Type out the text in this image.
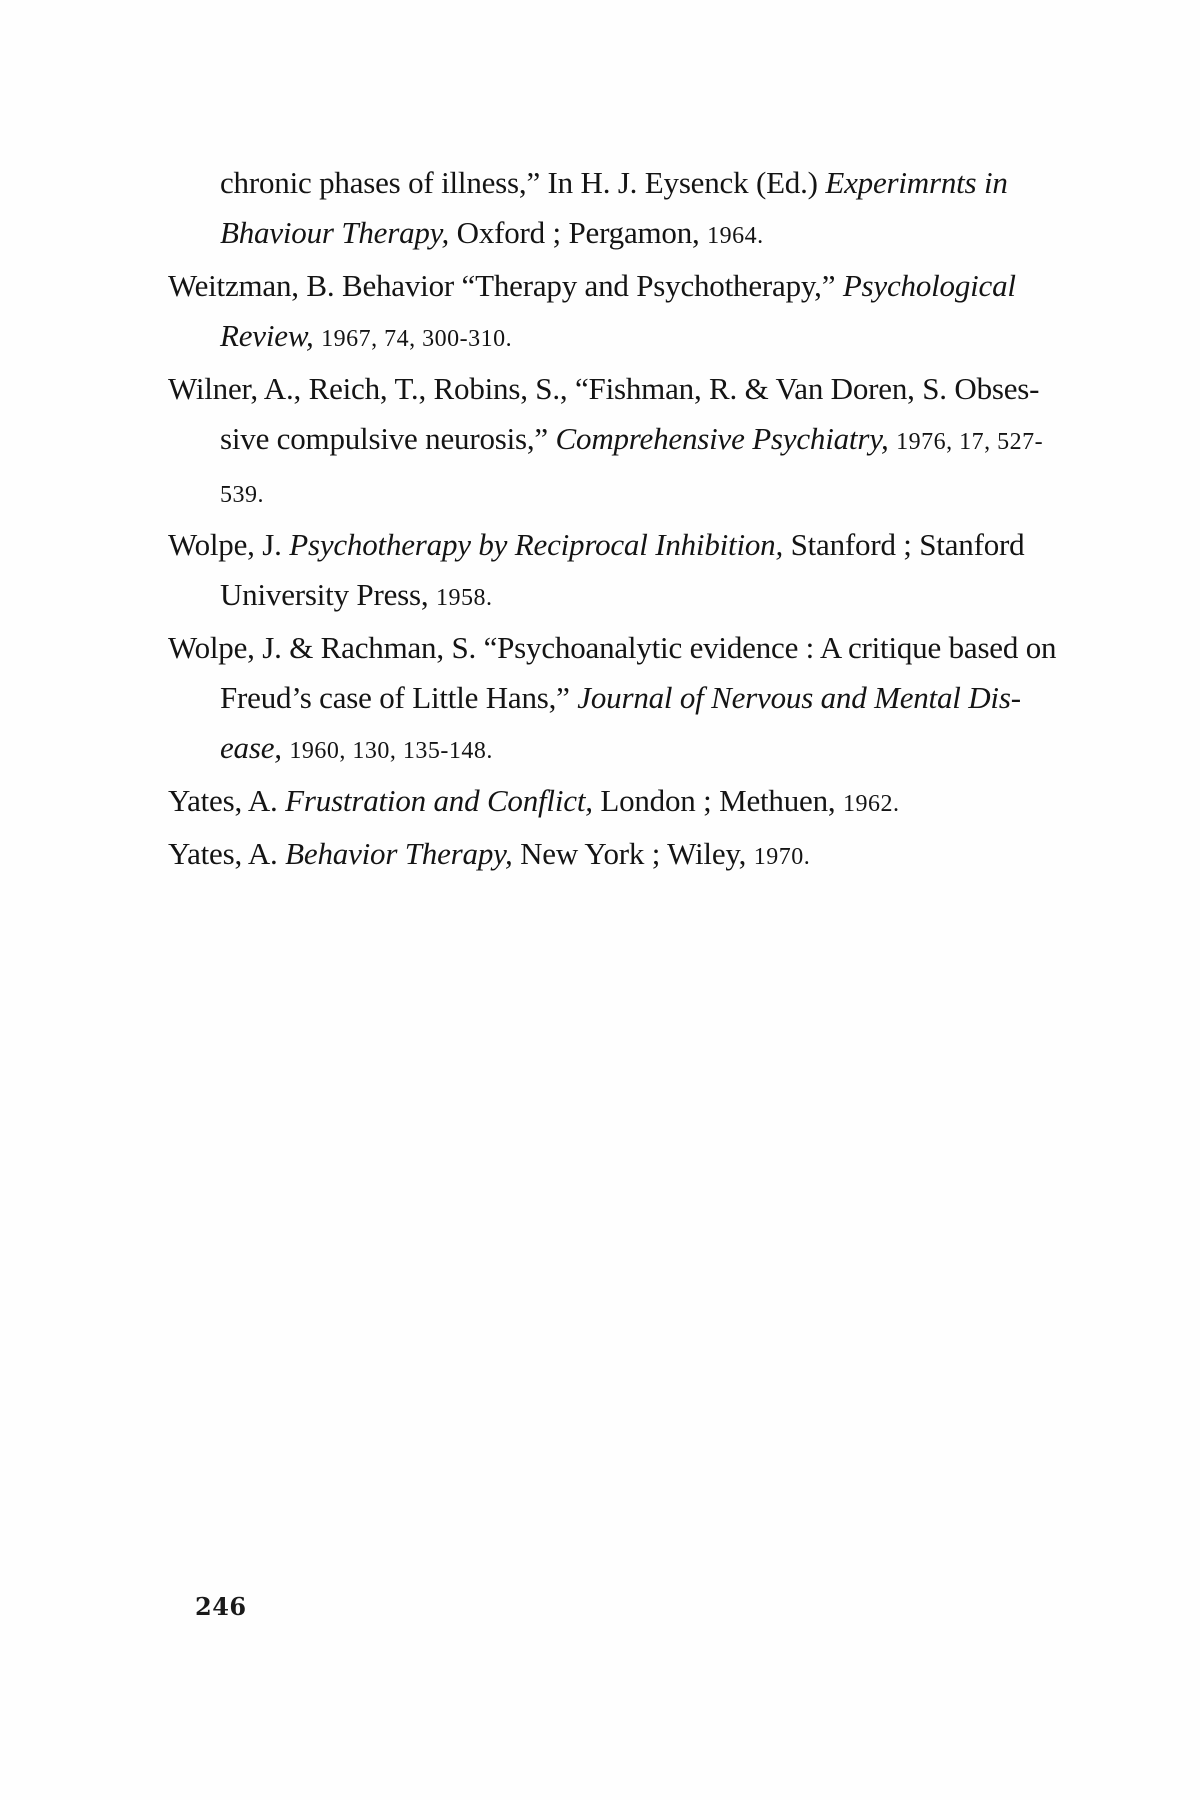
chronic phases of illness,” In H. J. Eysenck (Ed.) Experimrnts in Bhaviour Therapy, Oxford ; Pergamon, 1964.
Weitzman, B. Behavior “Therapy and Psychotherapy,” Psychological Review, 1967, 74, 300-310.
Wilner, A., Reich, T., Robins, S., “Fishman, R. & Van Doren, S. Obsessive compulsive neurosis,” Comprehensive Psychiatry, 1976, 17, 527-539.
Wolpe, J. Psychotherapy by Reciprocal Inhibition, Stanford ; Stanford University Press, 1958.
Wolpe, J. & Rachman, S. “Psychoanalytic evidence : A critique based on Freud’s case of Little Hans,” Journal of Nervous and Mental Disease, 1960, 130, 135-148.
Yates, A. Frustration and Conflict, London ; Methuen, 1962.
Yates, A. Behavior Therapy, New York ; Wiley, 1970.
246
